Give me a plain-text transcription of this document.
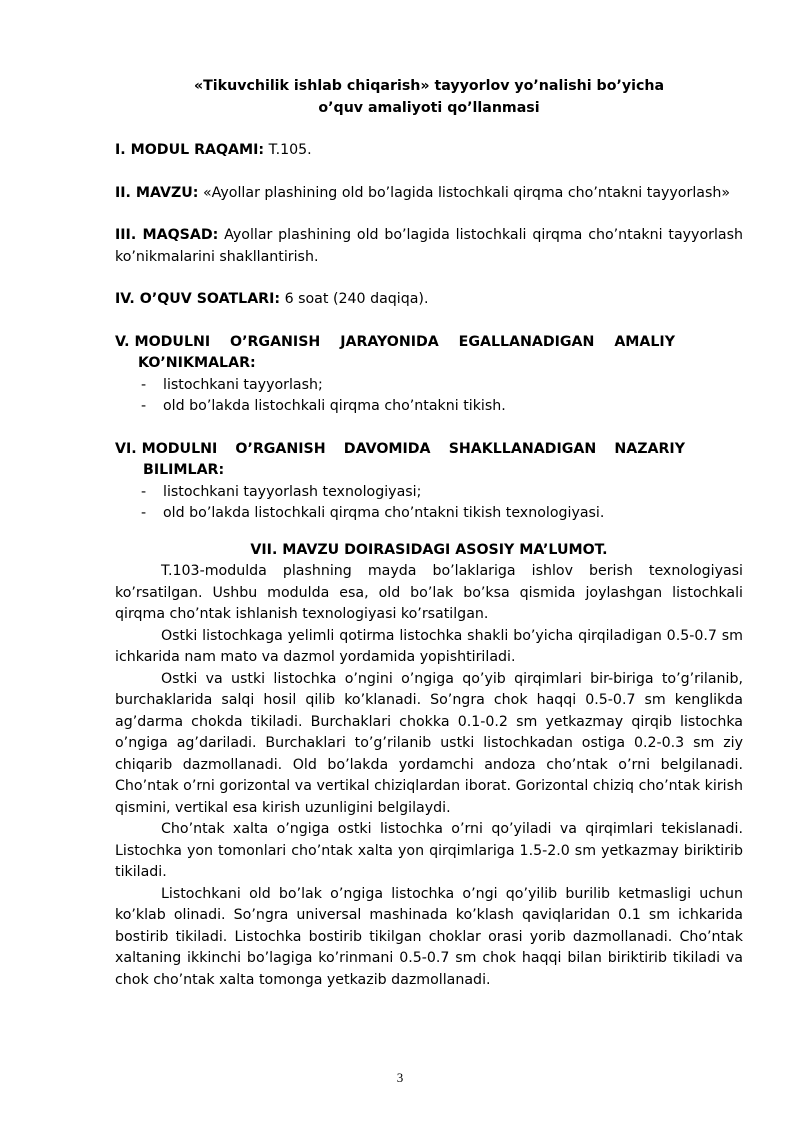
«Tikuvchilik ishlab chiqarish» tayyorlov yo’nalishi bo’yicha
o’quv amaliyoti qo’llanmasi
I. MODUL RAQAMI: T.105.
II. MAVZU: «Ayollar plashining old bo’lagida listochkali qirqma cho’ntakni tayyorlash»
III. MAQSAD: Ayollar plashining old bo’lagida listochkali qirqma cho’ntakni tayyorlash ko’nikmalarini shakllantirish.
IV. O’QUV SOATLARI: 6 soat (240 daqiqa).
V. MODULNI O’RGANISH JARAYONIDA EGALLANADIGAN AMALIY
KO’NIKMALAR:
- listochkani tayyorlash;
- old bo’lakda listochkali qirqma cho’ntakni tikish.
VI. MODULNI O’RGANISH DAVOMIDA SHAKLLANADIGAN NAZARIY
BILIMLAR:
- listochkani tayyorlash texnologiyasi;
- old bo’lakda listochkali qirqma cho’ntakni tikish texnologiyasi.
VII. MAVZU DOIRASIDAGI ASOSIY MA’LUMOT.

T.103-modulda plashning mayda bo’laklariga ishlov berish texnologiyasi ko’rsatilgan. Ushbu modulda esa, old bo’lak bo’ksa qismida joylashgan listochkali qirqma cho’ntak ishlanish texnologiyasi ko’rsatilgan.

Ostki listochkaga yelimli qotirma listochka shakli bo’yicha qirqiladigan 0.5-0.7 sm ichkarida nam mato va dazmol yordamida yopishtiriladi.

Ostki va ustki listochka o’ngini o’ngiga qo’yib qirqimlari bir-biriga to’g’rilanib, burchaklarida salqi hosil qilib ko’klanadi. So’ngra chok haqqi 0.5-0.7 sm kenglikda ag’darma chokda tikiladi. Burchaklari chokka 0.1-0.2 sm yetkazmay qirqib listochka o’ngiga ag’dariladi. Burchaklari to’g’rilanib ustki listochkadan ostiga 0.2-0.3 sm ziy chiqarib dazmollanadi. Old bo’lakda yordamchi andoza cho’ntak o’rni belgilanadi. Cho’ntak o’rni gorizontal va vertikal chiziqlardan iborat. Gorizontal chiziq cho’ntak kirish qismini, vertikal esa kirish uzunligini belgilaydi.

Cho’ntak xalta o’ngiga ostki listochka o’rni qo’yiladi va qirqimlari tekislanadi. Listochka yon tomonlari cho’ntak xalta yon qirqimlariga 1.5-2.0 sm yetkazmay biriktirib tikiladi.

Listochkani old bo’lak o’ngiga listochka o’ngi qo’yilib burilib ketmasligi uchun ko’klab olinadi. So’ngra universal mashinada ko’klash qaviqlaridan 0.1 sm ichkarida bostirib tikiladi. Listochka bostirib tikilgan choklar orasi yorib dazmollanadi. Cho’ntak xaltaning ikkinchi bo’lagiga ko’rinmani 0.5-0.7 sm chok haqqi bilan biriktirib tikiladi va chok cho’ntak xalta tomonga yetkazib dazmollanadi.

3
